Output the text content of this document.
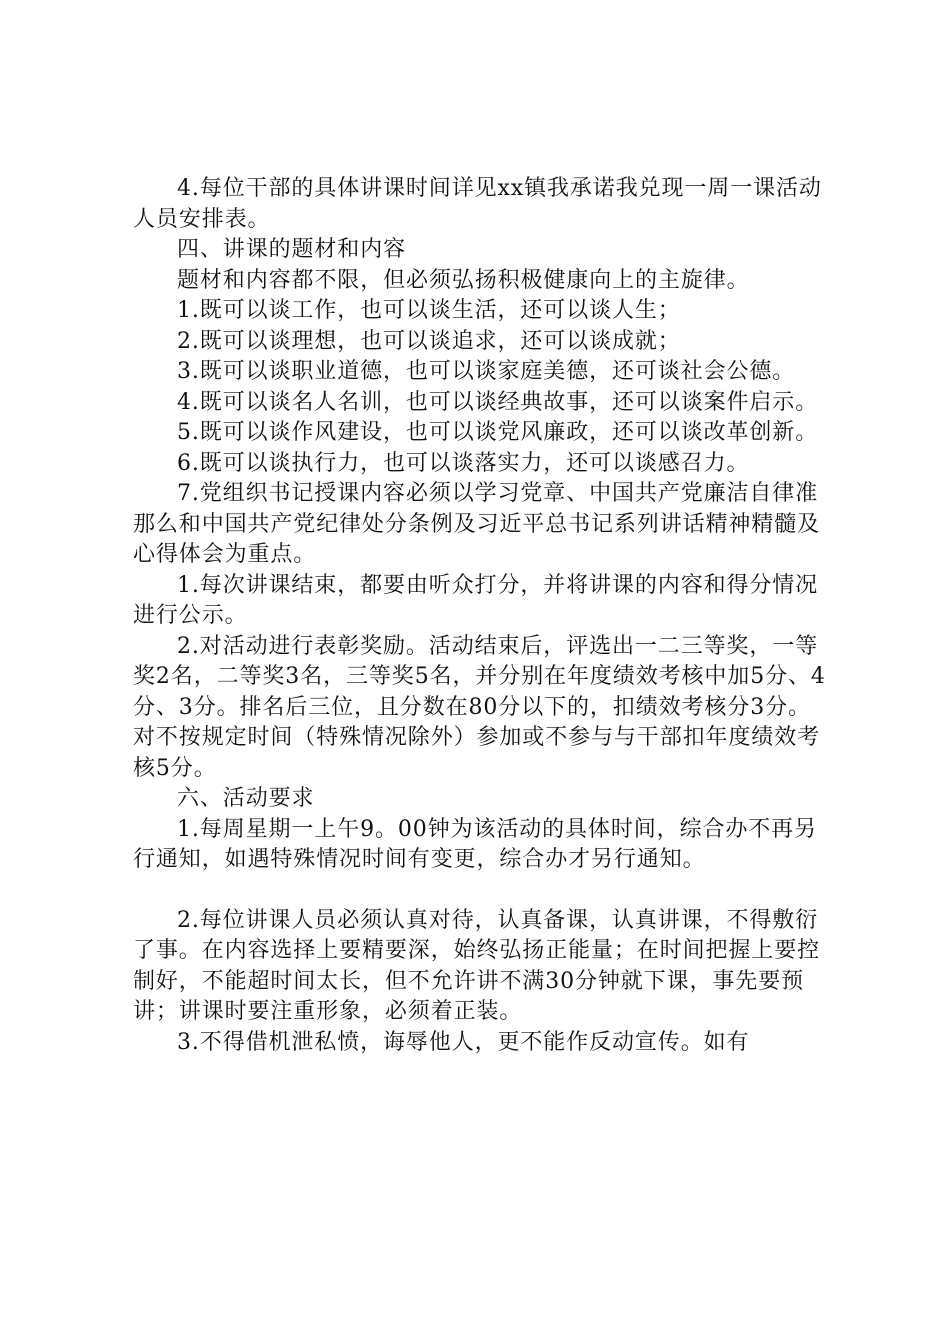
4.每位干部的具体讲课时间详见xx镇我承诺我兑现一周一课活动人员安排表。

四、讲课的题材和内容

题材和内容都不限，但必须弘扬积极健康向上的主旋律。

1.既可以谈工作，也可以谈生活，还可以谈人生；

2.既可以谈理想，也可以谈追求，还可以谈成就；

3.既可以谈职业道德，也可以谈家庭美德，还可谈社会公德。

4.既可以谈名人名训，也可以谈经典故事，还可以谈案件启示。

5.既可以谈作风建设，也可以谈党风廉政，还可以谈改革创新。

6.既可以谈执行力，也可以谈落实力，还可以谈感召力。

7.党组织书记授课内容必须以学习党章、中国共产党廉洁自律准那么和中国共产党纪律处分条例及习近平总书记系列讲话精神精髓及心得体会为重点。

1.每次讲课结束，都要由听众打分，并将讲课的内容和得分情况进行公示。

2.对活动进行表彰奖励。活动结束后，评选出一二三等奖，一等奖2名，二等奖3名，三等奖5名，并分别在年度绩效考核中加5分、4分、3分。排名后三位，且分数在80分以下的，扣绩效考核分3分。对不按规定时间（特殊情况除外）参加或不参与与干部扣年度绩效考核5分。

六、活动要求

1.每周星期一上午9。00钟为该活动的具体时间，综合办不再另行通知，如遇特殊情况时间有变更，综合办才另行通知。

2.每位讲课人员必须认真对待，认真备课，认真讲课，不得敷衍了事。在内容选择上要精要深，始终弘扬正能量；在时间把握上要控制好，不能超时间太长，但不允许讲不满30分钟就下课，事先要预讲；讲课时要注重形象，必须着正装。

3.不得借机泄私愤，诲辱他人，更不能作反动宣传。如有
